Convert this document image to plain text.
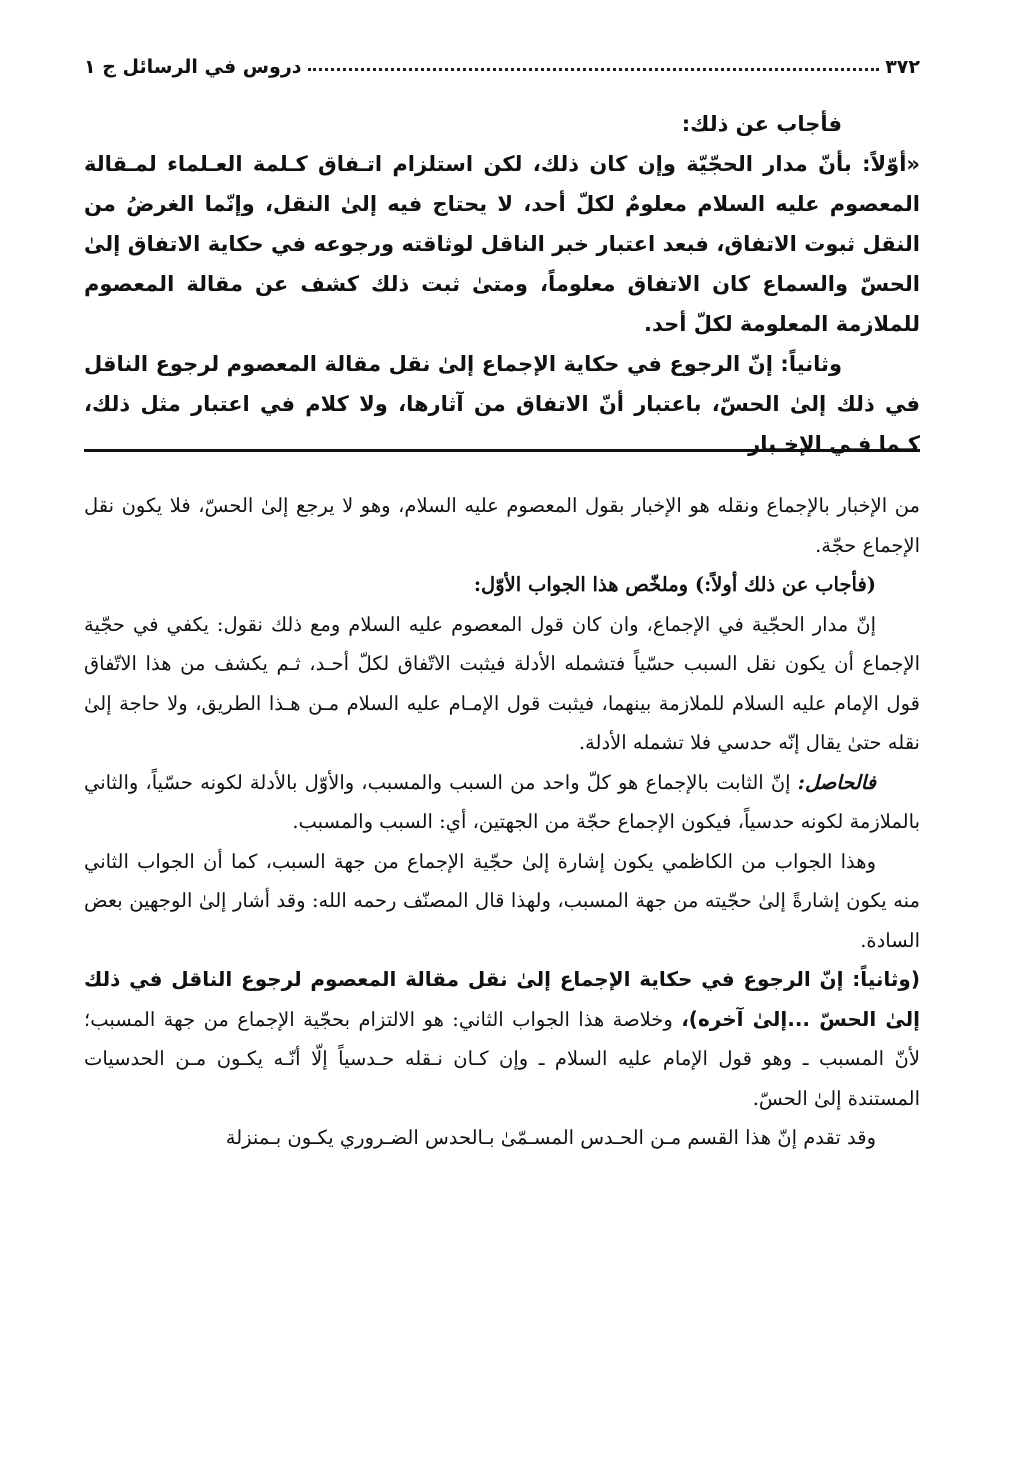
٣٧٢
دروس في الرسائل ج ١

فأجاب عن ذلك:

«أوّلاً: بأنّ مدار الحجّيّة وإن كان ذلك، لكن استلزام اتـفاق كـلمة العـلماء لمـقالة المعصوم عليه السلام معلومٌ لكلّ أحد، لا يحتاج فيه إلىٰ النقل، وإنّما الغرضُ من النقل ثبوت الاتفاق، فبعد اعتبار خبر الناقل لوثاقته ورجوعه في حكاية الاتفاق إلىٰ الحسّ والسماع كان الاتفاق معلوماً، ومتىٰ ثبت ذلك كشف عن مقالة المعصوم للملازمة المعلومة لكلّ أحد.

وثانياً: إنّ الرجوع في حكاية الإجماع إلىٰ نقل مقالة المعصوم لرجوع الناقل في ذلك إلىٰ الحسّ، باعتبار أنّ الاتفاق من آثارها، ولا كلام في اعتبار مثل ذلك، كـما فـي الإخـبار

من الإخبار بالإجماع ونقله هو الإخبار بقول المعصوم عليه السلام، وهو لا يرجع إلىٰ الحسّ، فلا يكون نقل الإجماع حجّة.

(فأجاب عن ذلك أولاً:) وملخّص هذا الجواب الأوّل:

إنّ مدار الحجّية في الإجماع، وان كان قول المعصوم عليه السلام ومع ذلك نقول: يكفي في حجّية الإجماع أن يكون نقل السبب حسّياً فتشمله الأدلة فيثبت الاتّفاق لكلّ أحـد، ثـم يكشف من هذا الاتّفاق قول الإمام عليه السلام للملازمة بينهما، فيثبت قول الإمـام عليه السلام مـن هـذا الطريق، ولا حاجة إلىٰ نقله حتىٰ يقال إنّه حدسي فلا تشمله الأدلة.

فالحاصل: إنّ الثابت بالإجماع هو كلّ واحد من السبب والمسبب، والأوّل بالأدلة لكونه حسّياً، والثاني بالملازمة لكونه حدسياً، فيكون الإجماع حجّة من الجهتين، أي: السبب والمسبب.

وهذا الجواب من الكاظمي يكون إشارة إلىٰ حجّية الإجماع من جهة السبب، كما أن الجواب الثاني منه يكون إشارةً إلىٰ حجّيته من جهة المسبب، ولهذا قال المصنّف رحمه الله: وقد أشار إلىٰ الوجهين بعض السادة.

(وثانياً: إنّ الرجوع في حكاية الإجماع إلىٰ نقل مقالة المعصوم لرجوع الناقل في ذلك إلىٰ الحسّ ...إلىٰ آخره)، وخلاصة هذا الجواب الثاني: هو الالتزام بحجّية الإجماع من جهة المسبب؛ لأنّ المسبب ـ وهو قول الإمام عليه السلام ـ وإن كـان نـقله حـدسياً إلّا أنّـه يكـون مـن الحدسيات المستندة إلىٰ الحسّ.

وقد تقدم إنّ هذا القسم مـن الحـدس المسـمّىٰ بـالحدس الضـروري يكـون بـمنزلة
